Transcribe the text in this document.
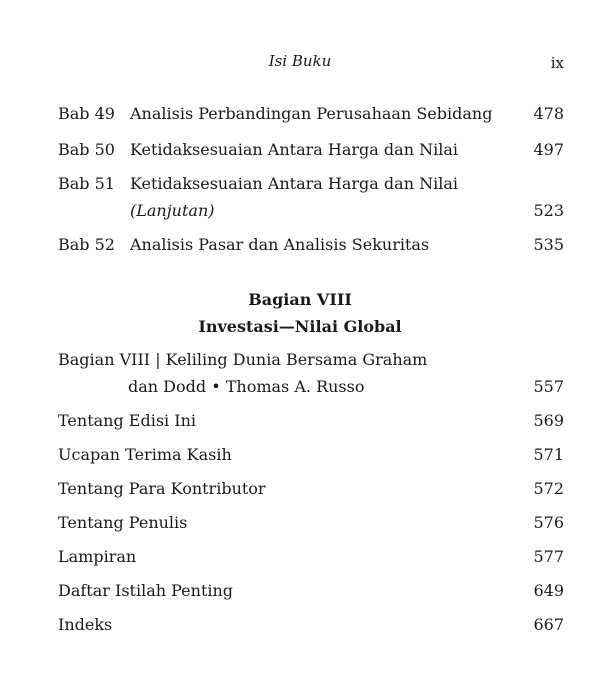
Isi Buku	ix
Bab 49 Analisis Perbandingan Perusahaan Sebidang	478
Bab 50 Ketidaksesuaian Antara Harga dan Nilai	497
Bab 51 Ketidaksesuaian Antara Harga dan Nilai
(Lanjutan)	523
Bab 52 Analisis Pasar dan Analisis Sekuritas	535
Bagian VIII
Investasi—Nilai Global
Bagian VIII | Keliling Dunia Bersama Graham
dan Dodd • Thomas A. Russo	557
Tentang Edisi Ini	569
Ucapan Terima Kasih	571
Tentang Para Kontributor	572
Tentang Penulis	576
Lampiran	577
Daftar Istilah Penting	649
Indeks	667
